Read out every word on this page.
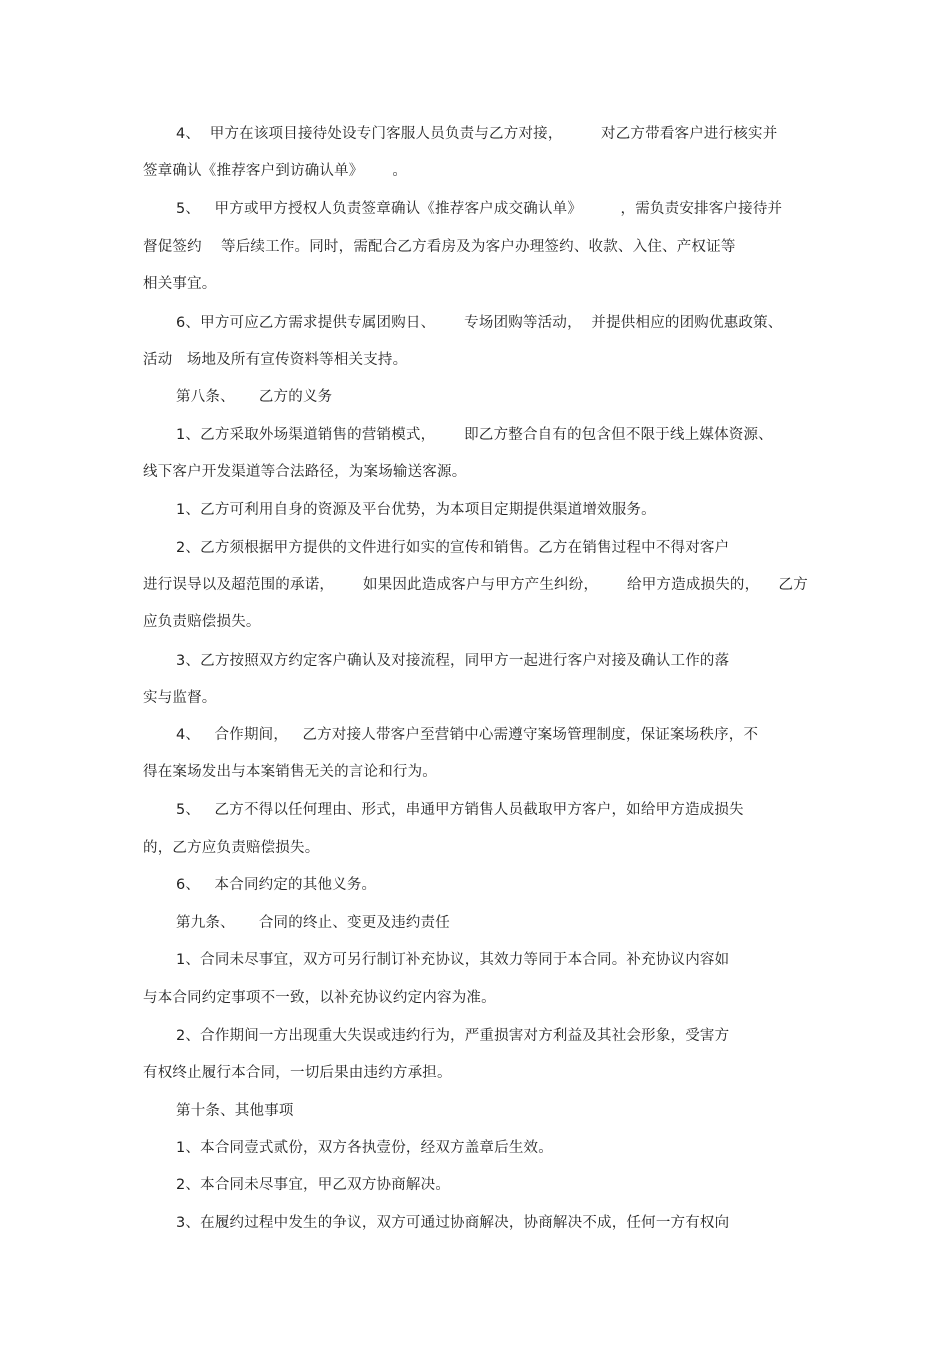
4、  甲方在该项目接待处设专门客服人员负责与乙方对接，        对乙方带看客户进行核实并
签章确认《推荐客户到访确认单》      。
5、   甲方或甲方授权人负责签章确认《推荐客户成交确认单》        ，需负责安排客户接待并
督促签约    等后续工作。同时，需配合乙方看房及为客户办理签约、收款、入住、产权证等
相关事宜。
6、甲方可应乙方需求提供专属团购日、      专场团购等活动，  并提供相应的团购优惠政策、
活动   场地及所有宣传资料等相关支持。
第八条、     乙方的义务
1、乙方采取外场渠道销售的营销模式，      即乙方整合自有的包含但不限于线上媒体资源、
线下客户开发渠道等合法路径，为案场输送客源。
1、乙方可利用自身的资源及平台优势，为本项目定期提供渠道增效服务。
2、乙方须根据甲方提供的文件进行如实的宣传和销售。乙方在销售过程中不得对客户
进行误导以及超范围的承诺，      如果因此造成客户与甲方产生纠纷，      给甲方造成损失的，    乙方
应负责赔偿损失。
3、乙方按照双方约定客户确认及对接流程，同甲方一起进行客户对接及确认工作的落
实与监督。
4、   合作期间，   乙方对接人带客户至营销中心需遵守案场管理制度，保证案场秩序，不
得在案场发出与本案销售无关的言论和行为。
5、   乙方不得以任何理由、形式，串通甲方销售人员截取甲方客户，如给甲方造成损失
的，乙方应负责赔偿损失。
6、   本合同约定的其他义务。
第九条、     合同的终止、变更及违约责任
1、合同未尽事宜，双方可另行制订补充协议，其效力等同于本合同。补充协议内容如
与本合同约定事项不一致，以补充协议约定内容为准。
2、合作期间一方出现重大失误或违约行为，严重损害对方利益及其社会形象，受害方
有权终止履行本合同，一切后果由违约方承担。
第十条、其他事项
1、本合同壹式贰份，双方各执壹份，经双方盖章后生效。
2、本合同未尽事宜，甲乙双方协商解决。
3、在履约过程中发生的争议，双方可通过协商解决，协商解决不成，任何一方有权向
